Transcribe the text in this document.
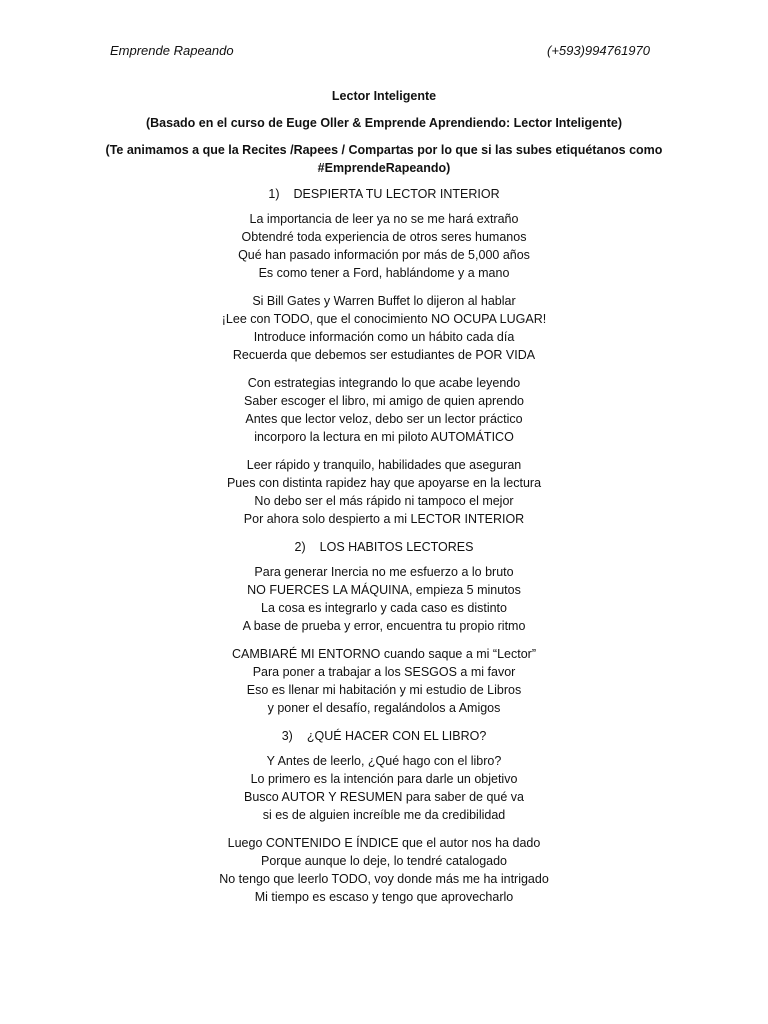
Emprende Rapeando	(+593)994761970

Lector Inteligente

(Basado en el curso de Euge Oller & Emprende Aprendiendo: Lector Inteligente)

(Te animamos a que la Recites /Rapees / Compartas por lo que si las subes etiquétanos como #EmprendeRapeando)

1) DESPIERTA TU LECTOR INTERIOR

La importancia de leer ya no se me hará extraño
Obtendré toda experiencia de otros seres humanos
Qué han pasado información por más de 5,000 años
Es como tener a Ford, hablándome y a mano
Si Bill Gates y Warren Buffet lo dijeron al hablar
¡Lee con TODO, que el conocimiento NO OCUPA LUGAR!
Introduce información como un hábito cada día
Recuerda que debemos ser estudiantes de POR VIDA
Con estrategias integrando lo que acabe leyendo
Saber escoger el libro, mi amigo de quien aprendo
Antes que lector veloz, debo ser un lector práctico
incorporo la lectura en mi piloto AUTOMÁTICO
Leer rápido y tranquilo, habilidades que aseguran
Pues con distinta rapidez hay que apoyarse en la lectura
No debo ser el más rápido ni tampoco el mejor
Por ahora solo despierto a mi LECTOR INTERIOR

2) LOS HABITOS LECTORES

Para generar Inercia no me esfuerzo a lo bruto
NO FUERCES LA MÁQUINA, empieza 5 minutos
La cosa es integrarlo y cada caso es distinto
A base de prueba y error, encuentra tu propio ritmo
CAMBIARÉ MI ENTORNO cuando saque a mi “Lector”
Para poner a trabajar a los SESGOS a mi favor
Eso es llenar mi habitación y mi estudio de Libros
y poner el desafío, regalándolos a Amigos

3) ¿QUÉ HACER CON EL LIBRO?

Y Antes de leerlo, ¿Qué hago con el libro?
Lo primero es la intención para darle un objetivo
Busco AUTOR Y RESUMEN para saber de qué va
si es de alguien increíble me da credibilidad
Luego CONTENIDO E ÍNDICE que el autor nos ha dado
Porque aunque lo deje, lo tendré catalogado
No tengo que leerlo TODO, voy donde más me ha intrigado
Mi tiempo es escaso y tengo que aprovecharlo
